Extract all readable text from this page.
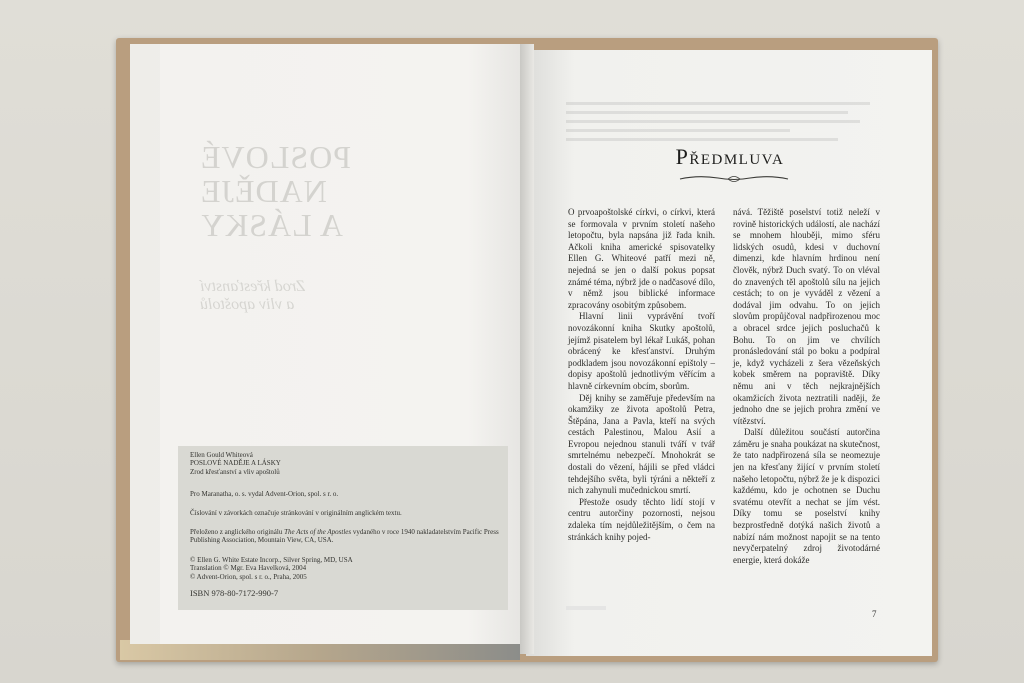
POSLOVÉ
NADĚJE
A LÁSKY
Zrod křesťanství
a vliv apoštolů

Ellen Gould Whiteová

POSLOVÉ NADĚJE A LÁSKY

Zrod křesťanství a vliv apoštolů

Pro Maranatha, o. s. vydal Advent-Orion, spol. s r. o.

Číslování v závorkách označuje stránkování v originálním anglickém textu.

Přeloženo z anglického originálu The Acts of the Apostles vydaného v roce 1940 nakladatelstvím Pacific Press Publishing Association, Mountain View, CA, USA.

© Ellen G. White Estate Incorp., Silver Spring, MD, USA

Translation © Mgr. Eva Havelková, 2004

© Advent-Orion, spol. s r. o., Praha, 2005

ISBN 978-80-7172-990-7

Předmluva

O prvoapoštolské církvi, o církvi, která se formovala v prvním století našeho letopočtu, byla napsána již řada knih. Ačkoli kniha americké spisovatelky Ellen G. Whiteové patří mezi ně, nejedná se jen o další pokus popsat známé téma, nýbrž jde o nadčasové dílo, v němž jsou biblické informace zpracovány osobitým způsobem.

Hlavní linii vyprávění tvoří novozákonní kniha Skutky apoštolů, jejímž pisatelem byl lékař Lukáš, pohan obrácený ke křesťanství. Druhým podkladem jsou novozákonní epištoly – dopisy apoštolů jednotlivým věřícím a hlavně církevním obcím, sborům.

Děj knihy se zaměřuje především na okamžiky ze života apoštolů Petra, Štěpána, Jana a Pavla, kteří na svých cestách Palestinou, Malou Asií a Evropou nejednou stanuli tváří v tvář smrtelnému nebezpečí. Mnohokrát se dostali do vězení, hájili se před vládci tehdejšího světa, byli týráni a někteří z nich zahynuli mučednickou smrtí.

Přestože osudy těchto lidí stojí v centru autorčiny pozornosti, nejsou zdaleka tím nejdůležitějším, o čem na stránkách knihy pojed-

nává. Těžiště poselství totiž neleží v rovině historických událostí, ale nachází se mnohem hlouběji, mimo sféru lidských osudů, kdesi v duchovní dimenzi, kde hlavním hrdinou není člověk, nýbrž Duch svatý. To on vléval do znavených těl apoštolů sílu na jejich cestách; to on je vyváděl z vězení a dodával jim odvahu. To on jejich slovům propůjčoval nadpřirozenou moc a obracel srdce jejich posluchačů k Bohu. To on jim ve chvílích pronásledování stál po boku a podpíral je, když vycházeli z šera vězeňských kobek směrem na popraviště. Díky němu ani v těch nejkrajnějších okamžicích života neztratili naději, že jednoho dne se jejich prohra změní ve vítězství.

Další důležitou součástí autorčina záměru je snaha poukázat na skutečnost, že tato nadpřirozená síla se neomezuje jen na křesťany žijící v prvním století našeho letopočtu, nýbrž že je k dispozici každému, kdo je ochotnen se Duchu svatému otevřít a nechat se jím vést. Díky tomu se poselství knihy bezprostředně dotýká našich životů a nabízí nám možnost napojit se na tento nevyčerpatelný zdroj životodárné energie, která dokáže

7
